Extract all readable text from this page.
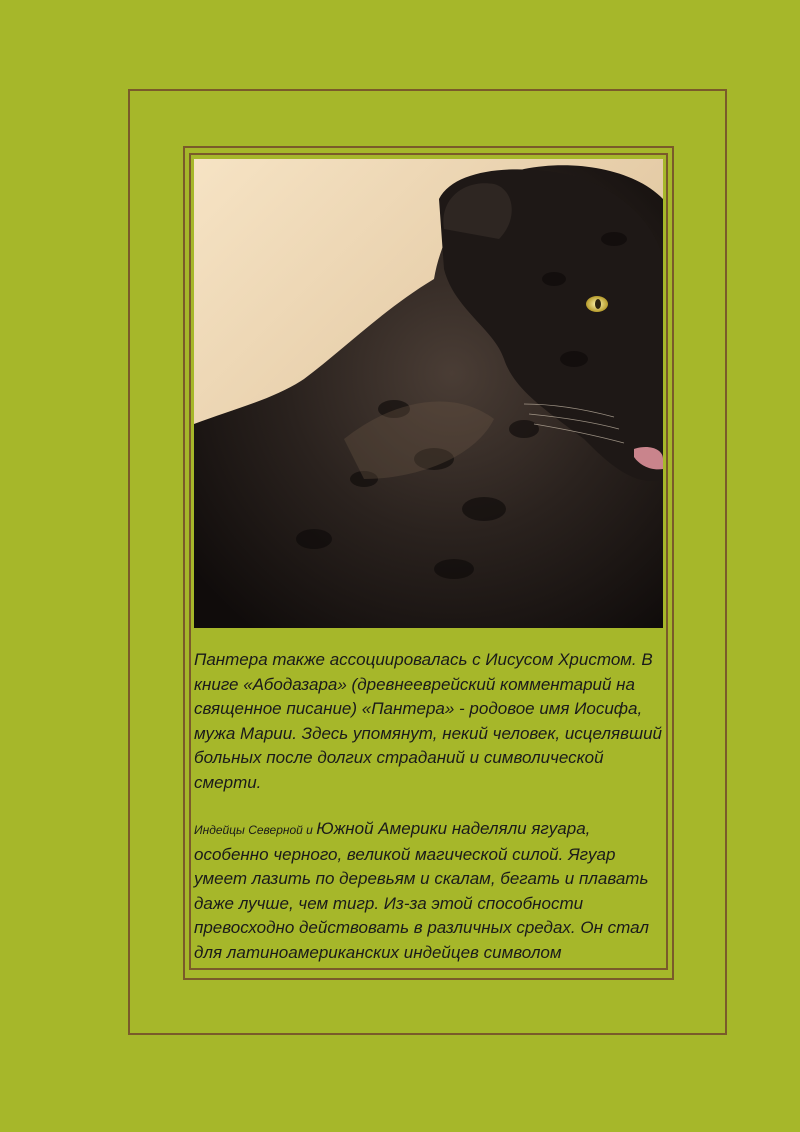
Пантера также ассоциировалась с Иисусом Христом. В книге «Абодазара» (древнееврейский комментарий на священное писание) «Пантера» - родовое имя Иосифа, мужа Марии. Здесь упомянут, некий человек, исцелявший больных после долгих страданий и символической смерти.

Индейцы Северной и Южной Америки наделяли ягуара, особенно черного, великой магической силой. Ягуар умеет лазить по деревьям и скалам, бегать и плавать даже лучше, чем тигр. Из-за этой способности превосходно действовать в различных средах. Он стал для латиноамериканских индейцев символом
